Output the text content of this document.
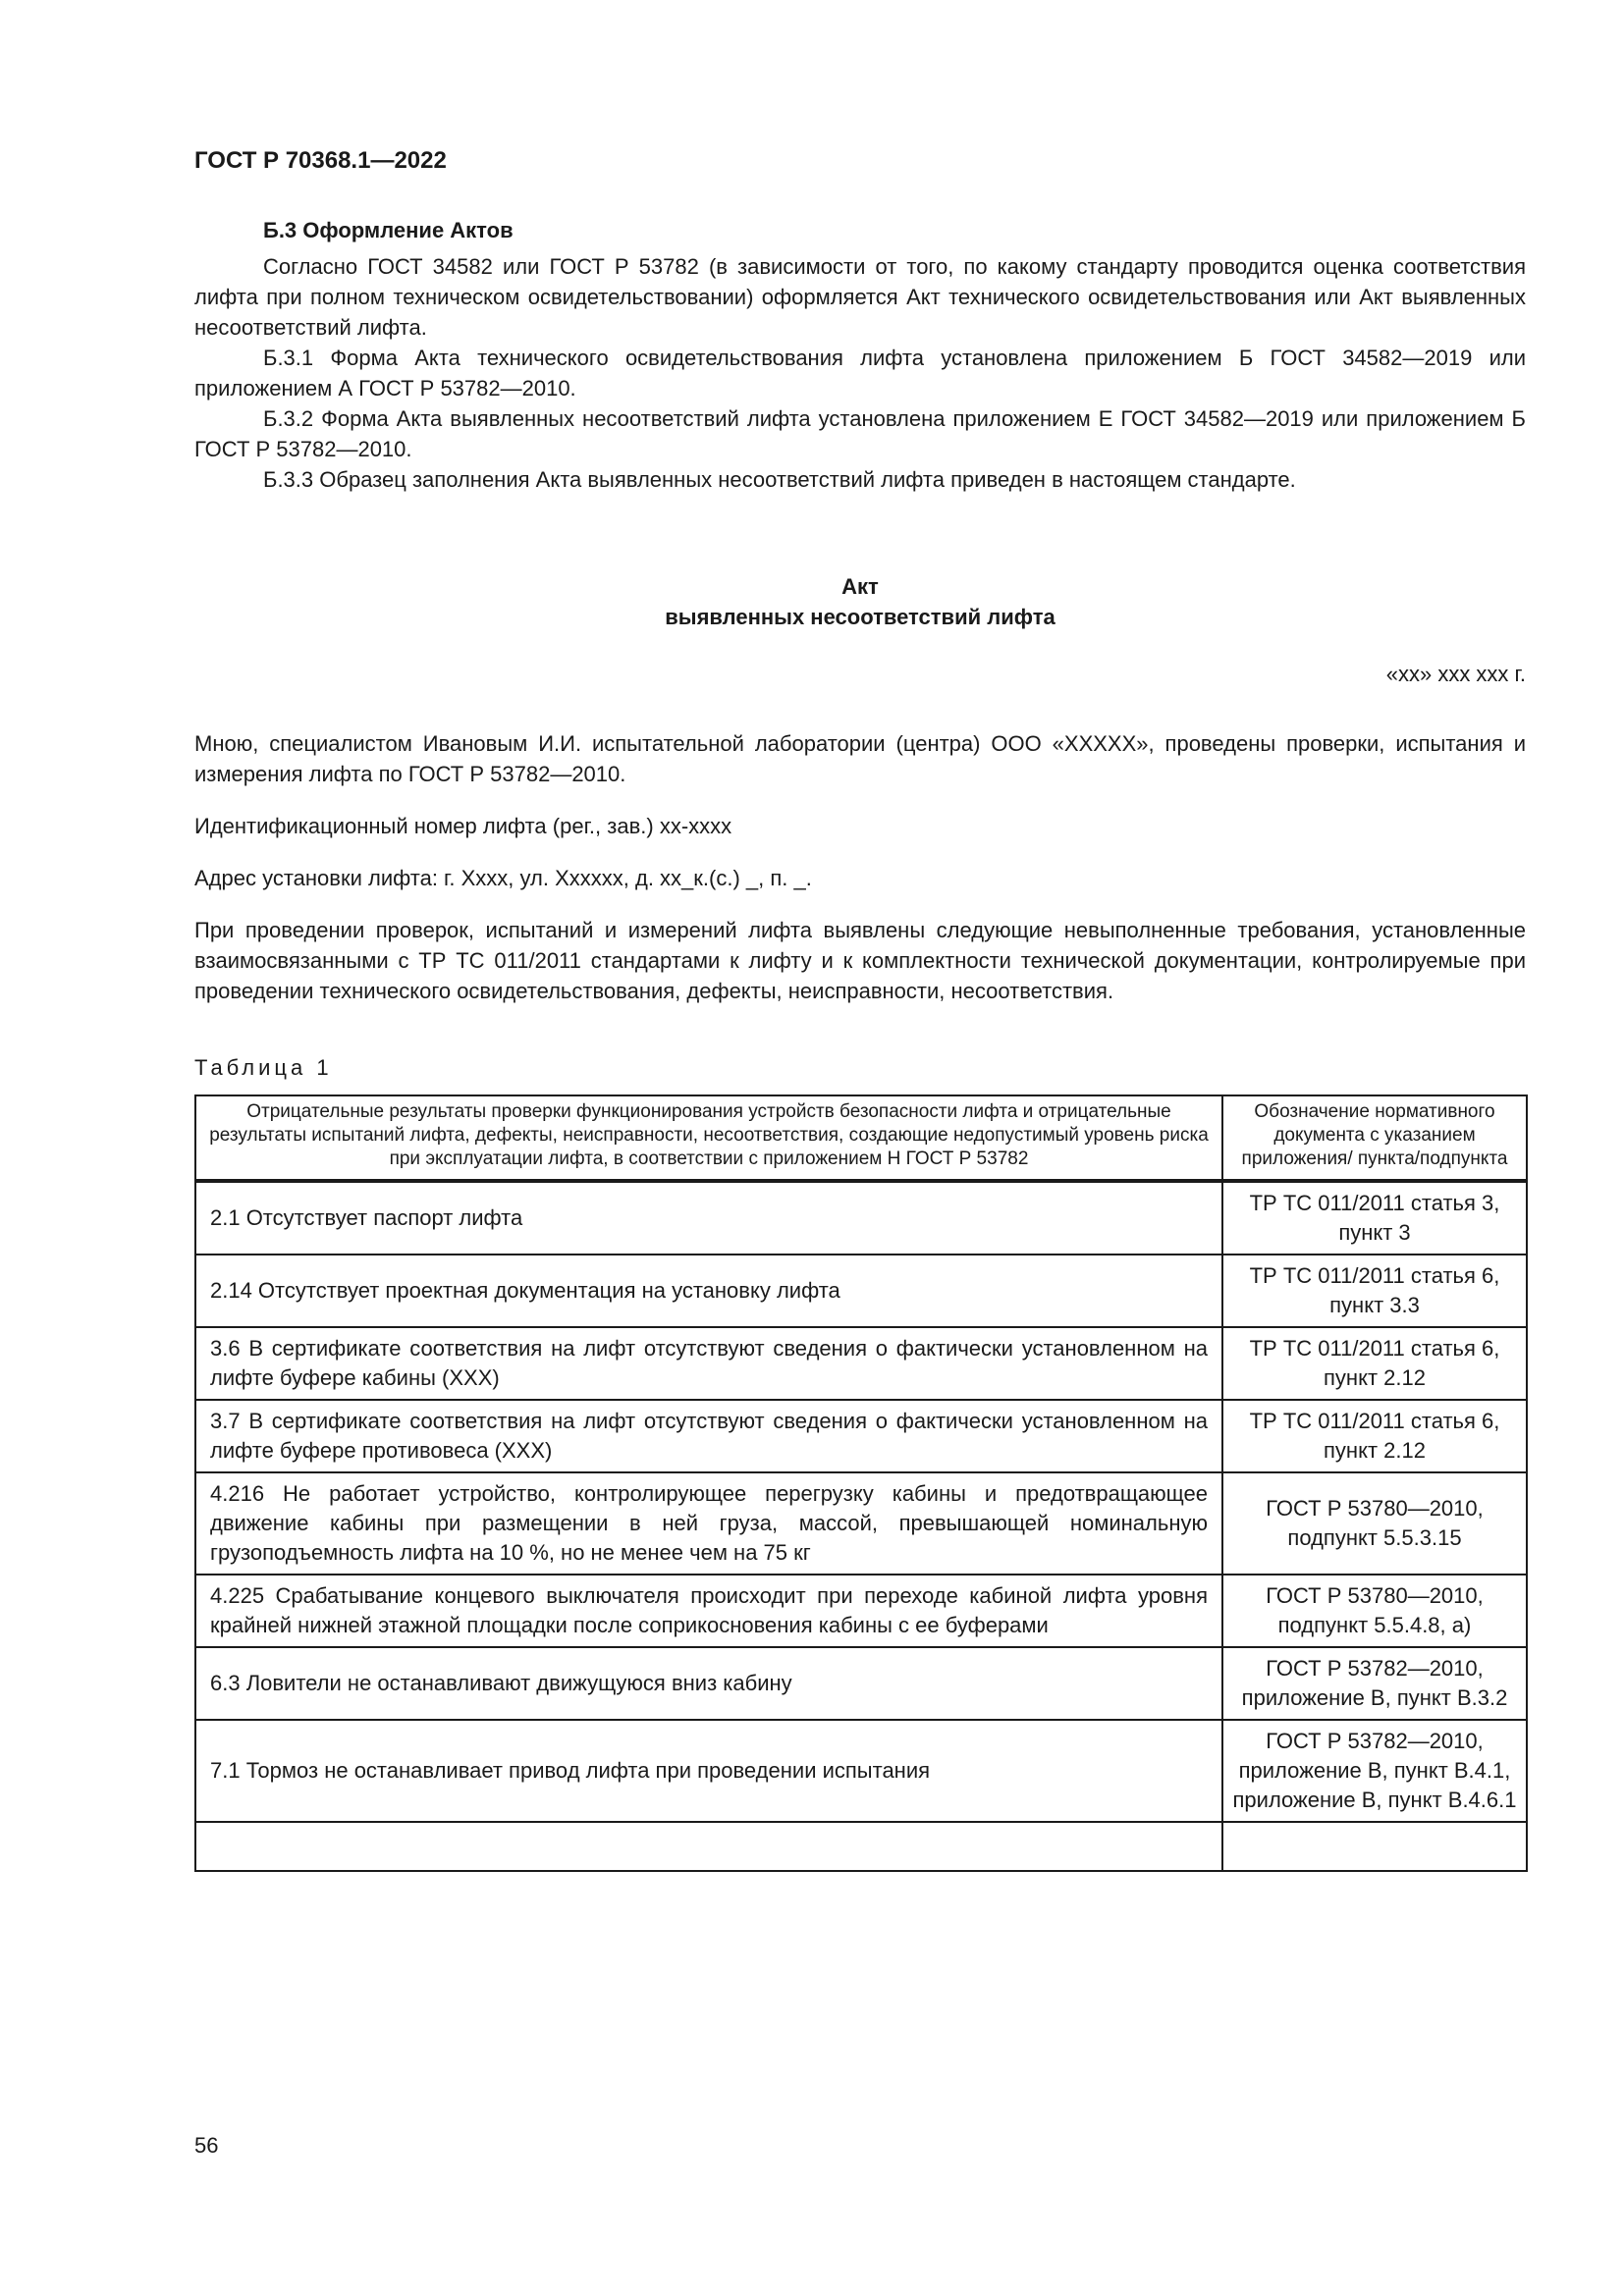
ГОСТ Р 70368.1—2022
Б.3 Оформление Актов

Согласно ГОСТ 34582 или ГОСТ Р 53782 (в зависимости от того, по какому стандарту проводится оценка соответствия лифта при полном техническом освидетельствовании) оформляется Акт технического освидетельствования или Акт выявленных несоответствий лифта.

Б.3.1 Форма Акта технического освидетельствования лифта установлена приложением Б ГОСТ 34582—2019 или приложением А ГОСТ Р 53782—2010.

Б.3.2 Форма Акта выявленных несоответствий лифта установлена приложением Е ГОСТ 34582—2019 или приложением Б ГОСТ Р 53782—2010.

Б.3.3 Образец заполнения Акта выявленных несоответствий лифта приведен в настоящем стандарте.

Акт
выявленных несоответствий лифта
«хх» ххх ххх г.

Мною, специалистом Ивановым И.И. испытательной лаборатории (центра) ООО «ХХХХХ», проведены проверки, испытания и измерения лифта по ГОСТ Р 53782—2010.

Идентификационный номер лифта (рег., зав.) хх-хххх

Адрес установки лифта: г. Хххх, ул. Хххххх, д. хх_к.(с.) _, п. _.

При проведении проверок, испытаний и измерений лифта выявлены следующие невыполненные требования, установленные взаимосвязанными с ТР ТС 011/2011 стандартами к лифту и к комплектности технической документации, контролируемые при проведении технического освидетельствования, дефекты, неисправности, несоответствия.

Таблица 1
Отрицательные результаты проверки функционирования устройств безопасности лифта и отрицательные результаты испытаний лифта, дефекты, неисправности, несоответствия, создающие недопустимый уровень риска при эксплуатации лифта, в соответствии с приложением Н ГОСТ Р 53782	Обозначение нормативного документа с указанием приложения/ пункта/подпункта
2.1 Отсутствует паспорт лифта	ТР ТС 011/2011 статья 3, пункт 3
2.14 Отсутствует проектная документация на установку лифта	ТР ТС 011/2011 статья 6, пункт 3.3
3.6 В сертификате соответствия на лифт отсутствуют сведения о фактически установленном на лифте буфере кабины (ХХХ)	ТР ТС 011/2011 статья 6, пункт 2.12
3.7 В сертификате соответствия на лифт отсутствуют сведения о фактически установленном на лифте буфере противовеса (ХХХ)	ТР ТС 011/2011 статья 6, пункт 2.12
4.216 Не работает устройство, контролирующее перегрузку кабины и предотвращающее движение кабины при размещении в ней груза, массой, превышающей номинальную грузоподъемность лифта на 10 %, но не менее чем на 75 кг	ГОСТ Р 53780—2010, подпункт 5.5.3.15
4.225 Срабатывание концевого выключателя происходит при переходе кабиной лифта уровня крайней нижней этажной площадки после соприкосновения кабины с ее буферами	ГОСТ Р 53780—2010, подпункт 5.5.4.8, а)
6.3 Ловители не останавливают движущуюся вниз кабину	ГОСТ Р 53782—2010, приложение В, пункт В.3.2
7.1 Тормоз не останавливает привод лифта при проведении испытания	ГОСТ Р 53782—2010, приложение В, пункт В.4.1, приложение В, пункт В.4.6.1

56
